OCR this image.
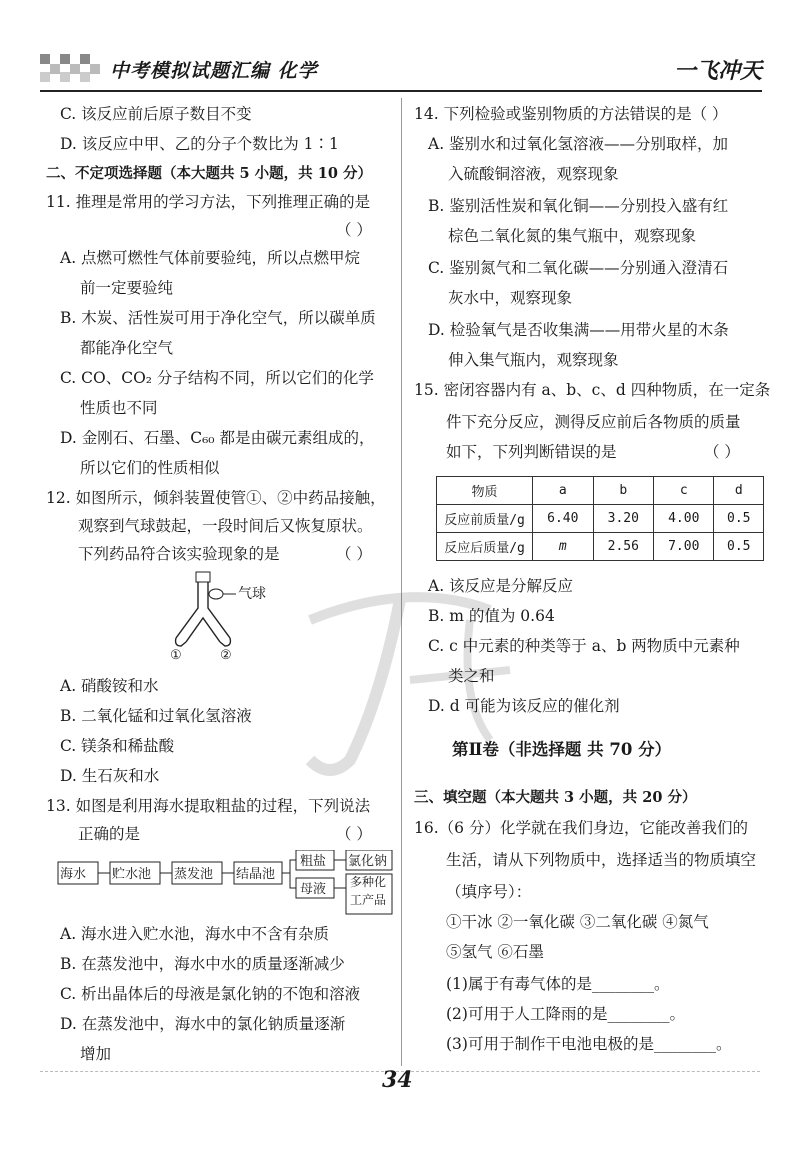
中考模拟试题汇编 化学	一飞冲天
C. 该反应前后原子数目不变
D. 该反应中甲、乙的分子个数比为 1∶1
二、不定项选择题（本大题共 5 小题，共 10 分）
11. 推理是常用的学习方法，下列推理正确的是
（ ）
A. 点燃可燃性气体前要验纯，所以点燃甲烷
前一定要验纯
B. 木炭、活性炭可用于净化空气，所以碳单质
都能净化空气
C. CO、CO₂ 分子结构不同，所以它们的化学
性质也不同
D. 金刚石、石墨、C₆₀ 都是由碳元素组成的，
所以它们的性质相似
12. 如图所示，倾斜装置使管①、②中药品接触，
观察到气球鼓起，一段时间后又恢复原状。
下列药品符合该实验现象的是	（ ）
气球
①	②
A. 硝酸铵和水
B. 二氧化锰和过氧化氢溶液
C. 镁条和稀盐酸
D. 生石灰和水
13. 如图是利用海水提取粗盐的过程，下列说法
正确的是	（ ）
海水 贮水池 蒸发池 结晶池
粗盐 氯化钠
母液 多种化
工产品
A. 海水进入贮水池，海水中不含有杂质
B. 在蒸发池中，海水中水的质量逐渐减少
C. 析出晶体后的母液是氯化钠的不饱和溶液
D. 在蒸发池中，海水中的氯化钠质量逐渐
增加
14. 下列检验或鉴别物质的方法错误的是（ ）
A. 鉴别水和过氧化氢溶液——分别取样，加
入硫酸铜溶液，观察现象
B. 鉴别活性炭和氧化铜——分别投入盛有红
棕色二氧化氮的集气瓶中，观察现象
C. 鉴别氮气和二氧化碳——分别通入澄清石
灰水中，观察现象
D. 检验氧气是否收集满——用带火星的木条
伸入集气瓶内，观察现象
15. 密闭容器内有 a、b、c、d 四种物质，在一定条
件下充分反应，测得反应前后各物质的质量
如下，下列判断错误的是	（ ）
物质	a	b	c	d
反应前质量/g	6.40	3.20	4.00	0.5
反应后质量/g	m	2.56	7.00	0.5
A. 该反应是分解反应
B. m 的值为 0.64
C. c 中元素的种类等于 a、b 两物质中元素种
类之和
D. d 可能为该反应的催化剂
第Ⅱ卷（非选择题 共 70 分）
三、填空题（本大题共 3 小题，共 20 分）
16.（6 分）化学就在我们身边，它能改善我们的
生活，请从下列物质中，选择适当的物质填空
（填序号）：
①干冰 ②一氧化碳 ③二氧化碳 ④氮气
⑤氢气 ⑥石墨
(1)属于有毒气体的是________。
(2)可用于人工降雨的是________。
(3)可用于制作干电池电极的是________。
34
